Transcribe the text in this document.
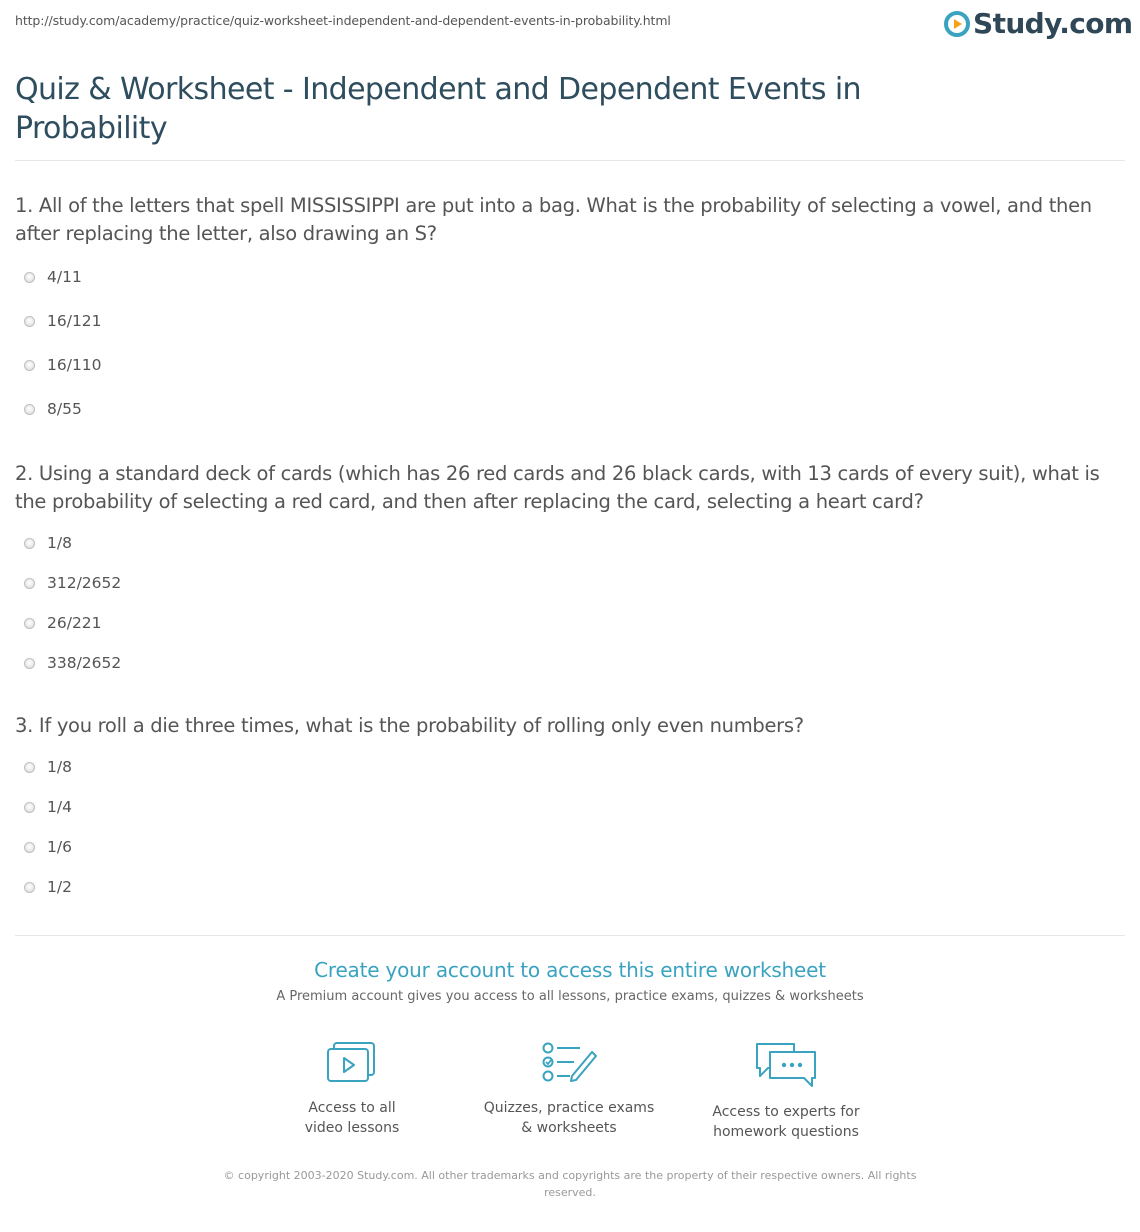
http://study.com/academy/practice/quiz-worksheet-independent-and-dependent-events-in-probability.html	Study.com
Quiz & Worksheet - Independent and Dependent Events in Probability
1. All of the letters that spell MISSISSIPPI are put into a bag. What is the probability of selecting a vowel, and then after replacing the letter, also drawing an S?
4/11
16/121
16/110
8/55
2. Using a standard deck of cards (which has 26 red cards and 26 black cards, with 13 cards of every suit), what is the probability of selecting a red card, and then after replacing the card, selecting a heart card?
1/8
312/2652
26/221
338/2652
3. If you roll a die three times, what is the probability of rolling only even numbers?
1/8
1/4
1/6
1/2
Create your account to access this entire worksheet
A Premium account gives you access to all lessons, practice exams, quizzes & worksheets
Access to all
video lessons
Quizzes, practice exams
& worksheets
Access to experts for
homework questions
© copyright 2003-2020 Study.com. All other trademarks and copyrights are the property of their respective owners. All rights reserved.
